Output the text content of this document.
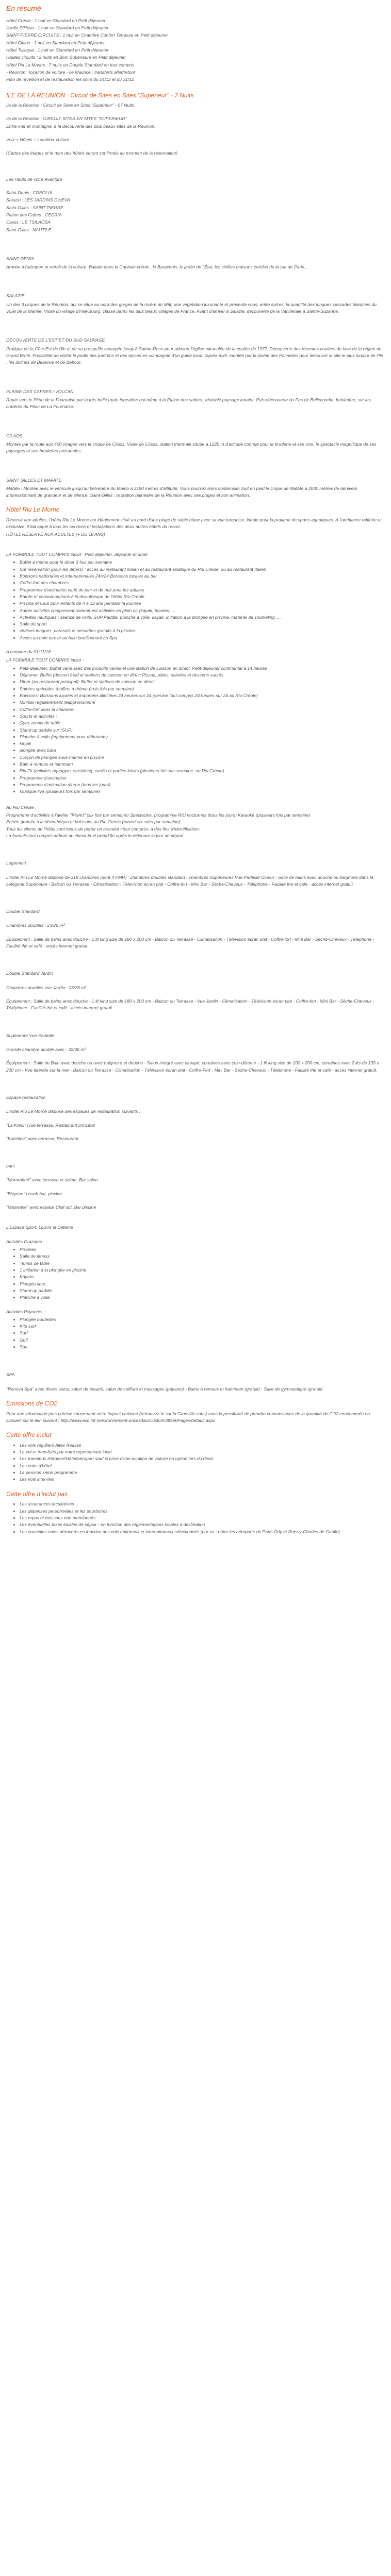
En résumé

Hôtel Créole : 1 nuit en Standard en Petit déjeuner

Jardin D'Heva : 1 nuit en Standard en Petit déjeuner

SAINT-PIERRE CIRCUITS : 1 nuit en Chambre Confort Terrasse en Petit déjeuner

Hôtel Cilaos : 1 nuit en Standard en Petit déjeuner

Hôtel Tsilaosa : 1 nuit en Standard en Petit déjeuner

Hautes circuits : 2 nuits en Boni Supérieure en Petit déjeuner

Hôtel Pia La Marine : 7 nuits en Double Standard en tout compris

- Réunion : location de voiture - île Maurice : transferts aller/retour

Plan de réveillon et de restauration les soirs du 24/12 et du 31/12

ILE DE LA REUNION : Circuit de Sites en Sites "Supérieur" - 7 Nuits

Ile de la Réunion : Circuit de Sites en Sites "Supérieur" - 07 Nuits

Ile de la Réunion : CIRCUIT SITES EN SITES "SUPERIEUR"

Entre mer et montagne, à la découverte des plus beaux sites de la Réunion.

Voix + Hôtels + Location Voiture

(Cartes des étapes et le nom des hôtels seront confirmés au moment de la réservation)

Les Hauts de votre Aventure

Saint-Denis : CREOLIA

Salazie : LES JARDINS D'HEVA

Saint-Gilles : SAINT PIERRE

Plaine des Cafres : CECRIA

Cilaos : LE TSILAOSA

Saint-Gilles : NAUTILE

SAINT DENIS

Arrivée à l'aéroport et retrait de la voiture. Balade dans la Capitale créole : le Barachois, le jardin de l'État, les vieilles maisons créoles de la rue de Paris...

SALAZIE

Un des 3 cirques de la Réunion, qui se situe au nord des gorges de la rivière du Mât, une végétation luxuriante et présente vous, entre autres, la quantité des longues cascades blanches du Voile de la Mariée. Visite du village d'Hell-Bourg, classé parmi les plus beaux villages de France. Avant d'arriver à Salazie, découverte de la Vanilleraie à Sainte-Suzanne.

DÉCOUVERTE DE L'EST ET DU SUD SAUVAGE

Pratique de la Côte Est de l'île et de sa presqu'île escarpée jusqu'à Sainte-Rose pour admirer l'église miraculée de la coulée de 1977. Découverte des récentes coulées de lave de la région du Grand Brulé. Possibilité de visiter le jardin des parfums et des épices en compagnie d'un guide local. (après-midi, montée par la plaine des Palmistes pour découvrir le site le plus lunaire de l'île : les dolines de Bellevue et de Bébour.

PLAINE DES CAFRES / VOLCAN

Route vers le Piton de la Fournaise par la très belle route forestière qui mène à la Plaine des sables, véritable paysage lunaire. Puis découverte du Pas de Bellecombe, belvédère, sur les cratères du Piton de La Fournaise.

CILAOS

Montée par la route aux 400 virages vers le cirque de Cilaos. Visite de Cilaos, station thermale située à 1220 m d'altitude connue pour la broderie et ses vins, le spectacle magnifique de ses paysages et ses broderies artisanales.

SAINT GILLES ET MAFATE

Mafate : Montée avec le véhicule jusqu'au belvédère du Maïdo à 2190 mètres d'altitude. Vous pourrez alors contempler tout en pied le cirque de Mafate à 2000 mètres de dénivelé, impressionnant de grandeur et de silence. Saint-Gilles : la station balnéaire de la Réunion avec ses plages et son animation.

Hôtel Riu Le Morne

Réservé aux adultes, l'Hôtel Riu Le Morne est idéalement situé au bord d'une plage de sable blanc avec sa vue turquoise, idéale pour la pratique de sports aquatiques. À l'ambiance raffinée et exclusive, il fait appel à tous les services et installations des deux autres hôtels du resort.

HÔTEL RÉSERVÉ AUX ADULTES (+ DE 18 ANS)

LA FORMULE TOUT COMPRIS inclut : Petit déjeuner, déjeuner et dîner

• Buffet à thème pour le dîner 3 fois par semaine
• Sur réservation (pour les dîners) : accès au restaurant indien et au restaurant asiatique du Riu Créole, ou au restaurant Italien
• Boissons nationales et internationales 24h/24 Boissons locales au bar
• Coffre-fort des chambres
• Programme d'animation varié de jour et de nuit pour les adultes
• Entrée et consommations à la discothèque de l'hôtel Riu Créole
• Piscine et Club pour enfants de 4 à 12 ans pendant la journée
• Autres activités comprenant notamment activités en plein air (kayak, bouées, ...
• Activités nautiques : séance de voile, SUP Paddle, planche à voile, kayak, initiation à la plongée en piscine, matériel de snorkeling, ...
• Salle de sport
• chaises longues, parasols et serviettes gratuits à la piscine.
• Accès au bain turc et au bain bouillonnant au Spa.

A compter du 01/11/18 :

LA FORMULE TOUT COMPRIS inclut :

• Petit-déjeuner: Buffet varié avec des produits variés et une station de cuisson en direct, Petit-déjeuner continental à 14 heures
• Déjeuner: Buffet (dessert froid et stations de cuisson en direct Pizzas, pâtes, salades et desserts sucrés
• Dîner (au restaurant principal): Buffet et stations de cuisson en direct
• Soirées spéciales (buffets à thème (trois fois par semaine)
• Boissons: Boissons locales et importées illimitées 24 heures sur 24 (service tout compris 24 heures sur 24 au Riu Créole)
• Minibar réguliérement réapprovisionné
• Coffre-fort dans la chambre
• Sports et activités :
• Gym, tennis de table
• Stand up paddle sur (SUP)
• Planche à voile (équipement pour débutants)
• kayak
• plongée avec tuba
• 1 leçon de plongée sous-marine en piscine
• Bain à remous et hammam
• Riu Fit (activités aquagym, stretching, cardio et parties loisirs (plusieurs fois par semaine, au Riu Créole)
• Programme d'animation
• Programme d'animation diurne (tous les jours)
• Musique live (plusieurs fois par semaine)

Au Riu Créole :

Programme d'activités à l'atelier "RiuArt" (six fois par semaine) Spectacles, programme RIU nocturnes (tous les jours) Karaoké (plusieurs fois par semaine)
Entrée gratuite à la discothèque et boissons au Riu Créole (ouvert six soirs par semaine)
Tous les clients de l'hôtel sont tenus de porter un bracelet «tout compris» à des fins d'identification.
La formule tout compris débute au check-in et prend fin après le déjeuner le jour du départ.

Logement

L'hôtel Riu Le Morne dispose de 218 chambres (dont 4 PMR) : chambres doubles standard - chambres Supérieures Vue Partielle Océan - Salle de bains avec douche ou baignoire dans la catégorie Supérieure - Balcon ou Terrasse - Climatisation - Télévision écran plat - Coffre-fort - Mini Bar - Sèche-Cheveux - Téléphone - Facilité thé et café - accès internet gratuit.

Double Standard

Chambres doubles : 23/26 m²

Équipement : Salle de bains avec douche - 1 lit king size de 180 x 200 cm - Balcon ou Terrasse - Climatisation - Télévision écran plat - Coffre-fort - Mini Bar - Sèche-Cheveux - Téléphone - Facilité thé et café - accès internet gratuit.

Double Standard Jardin

Chambres doubles vue Jardin : 23/26 m²

Équipement : Salle de bains avec douche - 1 lit king size de 180 x 200 cm - Balcon ou Terrasse - Vue Jardin - Climatisation - Télévision écran plat - Coffre-fort - Mini Bar - Sèche-Cheveux - Téléphone - Facilité thé et café - accès internet gratuit.

Supérieure Vue Partielle

Grande chambre double avec : 32/36 m²

Équipement : Salle de Bain avec douche ou avec baignoire et douche - Salon intégré avec canapé, certaines avec coin-détente - 1 lit king size de 200 x 200 cm, certaines avec 2 lits de 135 x 200 cm - Vue latérale sur la mer - Balcon ou Terrasse - Climatisation - Télévision écran plat - Coffre-Fort - Mini Bar - Sèche-Cheveux - Téléphone - Facilité thé et café - accès internet gratuit.

Espace restauration

L'hôtel Riu Le Morne dispose des espaces de restauration suivants :

"La Kreol" (vue terrasse. Restaurant principal

"Kuishine" avec terrasse, Restaurant

bars

"Morarahné" avec terrasse et scène, Bar salon

"Bicycee" beach bar, piscine

"Maswane" avec espace Chill out, Bar piscine

L'Espace Sport, Loisirs et Détente

Activités Gratuites :

• Piscines
• Salle de fitness
• Tennis de table
• 1 initiation à la plongée en piscine
• Kayaks
• Plongée libre
• Stand up paddle
• Planche à voile

Activités Payantes :

• Plongée bouteilles
• Kite surf
• Surf
• Golf
• Spa

SPA

"Renova Spa" avec divers soins, salon de beauté, salon de coiffure et massages (payants) - Bains à remous et hammam (gratuit) - Salle de gymnastique (gratuit).

Emissions de CO2

Pour une information plus précise concernant votre impact carbone (retrouvez-le sur la Granville sous) avec la possibilité de prendre connaissance de la quantité de CO2 consommée en cliquant sur le lien suivant : http://www.eco.int (environnement-prices/tax/CustomOffset/Pages/default.aspx

Cette offre inclut
• Les vols réguliers Altes Réalisé
• La vol et transferts par notre représentant local
• Les transferts Aéroport/Hôtel/aéroport sauf si prise d'une location de voiture en option lors du devis
• Les nuits d'hôtel
• La pension selon programme
• Les vols inter-îles
Cette offre n'inclut pas
• Les assurances facultatives
• Les dépenses personnelles et les pourboires
• Les repas et boissons non mentionnés
• Les éventuelles taxes locales de séjour - en fonction des réglementations locales à destination
• Les nouvelles taxes aéroports en fonction des vols nationaux et internationaux sélectionnés (par ex : entre les aéroports de Paris-Orly et Roissy-Charles de Gaulle)
